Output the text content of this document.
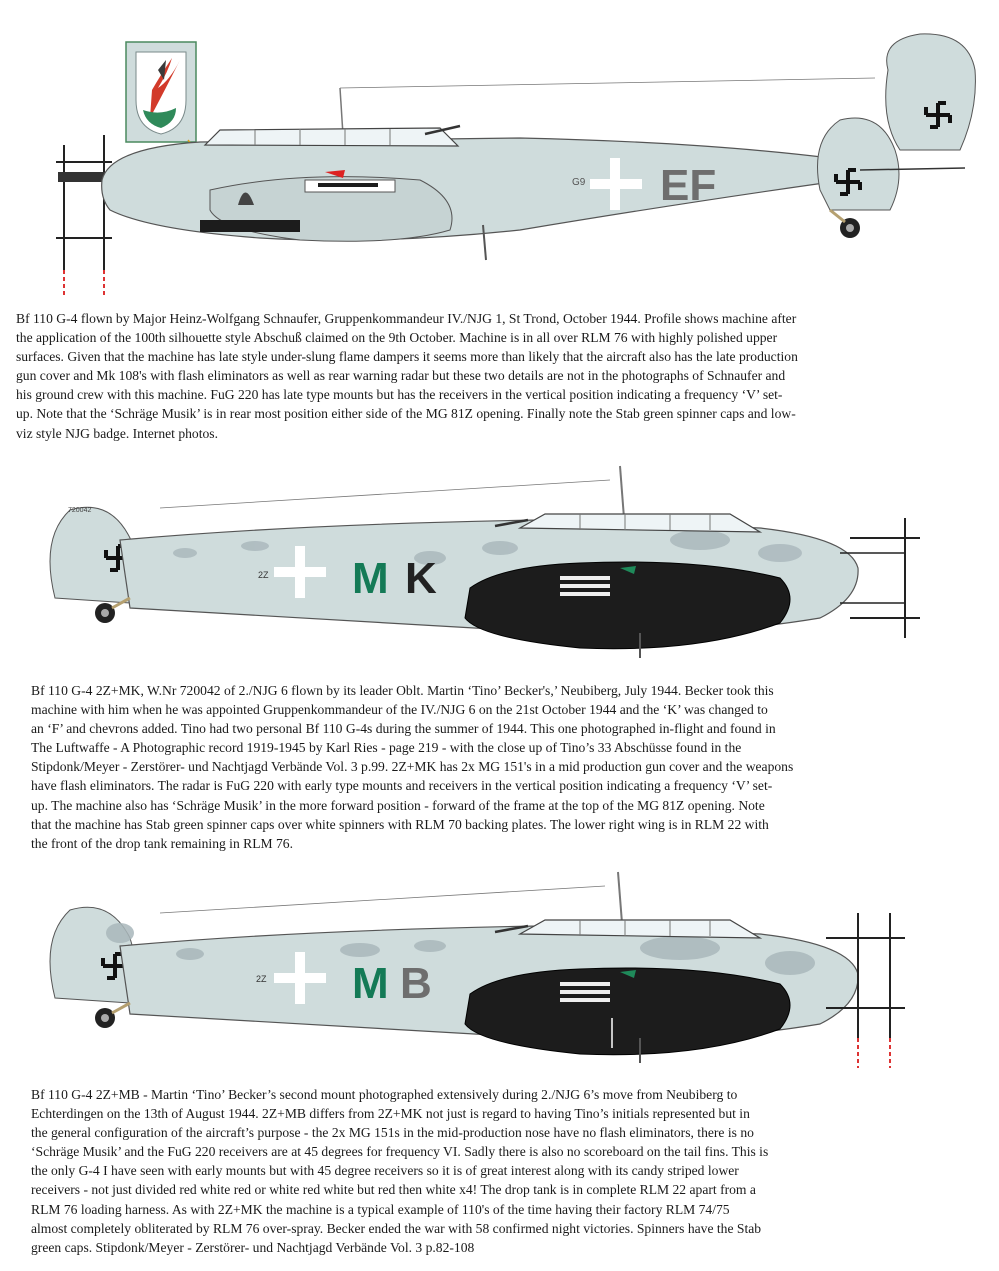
G9 EF

Bf 110 G-4 flown by Major Heinz-Wolfgang Schnaufer, Gruppenkommandeur IV./NJG 1, St Trond, October 1944. Profile shows machine after
the application of the 100th silhouette style Abschuß claimed on the 9th October. Machine is in all over RLM 76 with highly polished upper
surfaces. Given that the machine has late style under-slung flame dampers it seems more than likely that the aircraft also has the late production
gun cover and Mk 108's with flash eliminators as well as rear warning radar but these two details are not in the photographs of Schnaufer and
his ground crew with this machine. FuG 220 has late type mounts but has the receivers in the vertical position indicating a frequency ‘V’ set-
up. Note that the ‘Schräge Musik’ is in rear most position either side of the MG 81Z opening. Finally note the Stab green spinner caps and low-
viz style NJG badge. Internet photos.

720042
2Z M K

Bf 110 G-4 2Z+MK, W.Nr 720042 of 2./NJG 6 flown by its leader Oblt. Martin ‘Tino’ Becker's,’ Neubiberg, July 1944. Becker took this
machine with him when he was appointed Gruppenkommandeur of the IV./NJG 6 on the 21st October 1944 and the ‘K’ was changed to
an ‘F’ and chevrons added. Tino had two personal Bf 110 G-4s during the summer of 1944. This one photographed in-flight and found in
The Luftwaffe - A Photographic record 1919-1945 by Karl Ries - page 219 - with the close up of Tino’s 33 Abschüsse found in the
Stipdonk/Meyer - Zerstörer- und Nachtjagd Verbände Vol. 3 p.99. 2Z+MK has 2x MG 151's in a mid production gun cover and the weapons
have flash eliminators. The radar is FuG 220 with early type mounts and receivers in the vertical position indicating a frequency ‘V’ set-
up. The machine also has ‘Schräge Musik’ in the more forward position - forward of the frame at the top of the MG 81Z opening. Note
that the machine has Stab green spinner caps over white spinners with RLM 70 backing plates. The lower right wing is in RLM 22 with
the front of the drop tank remaining in RLM 76.

2Z M B

Bf 110 G-4 2Z+MB - Martin ‘Tino’ Becker’s second mount photographed extensively during 2./NJG 6’s move from Neubiberg to
Echterdingen on the 13th of August 1944. 2Z+MB differs from 2Z+MK not just is regard to having Tino’s initials represented but in
the general configuration of the aircraft’s purpose - the 2x MG 151s in the mid-production nose have no flash eliminators, there is no
‘Schräge Musik’ and the FuG 220 receivers are at 45 degrees for frequency VI. Sadly there is also no scoreboard on the tail fins. This is
the only G-4 I have seen with early mounts but with 45 degree receivers so it is of great interest along with its candy striped lower
receivers - not just divided red white red or white red white but red then white x4! The drop tank is in complete RLM 22 apart from a
RLM 76 loading harness. As with 2Z+MK the machine is a typical example of 110's of the time having their factory RLM 74/75
almost completely obliterated by RLM 76 over-spray. Becker ended the war with 58 confirmed night victories. Spinners have the Stab
green caps. Stipdonk/Meyer - Zerstörer- und Nachtjagd Verbände Vol. 3 p.82-108
